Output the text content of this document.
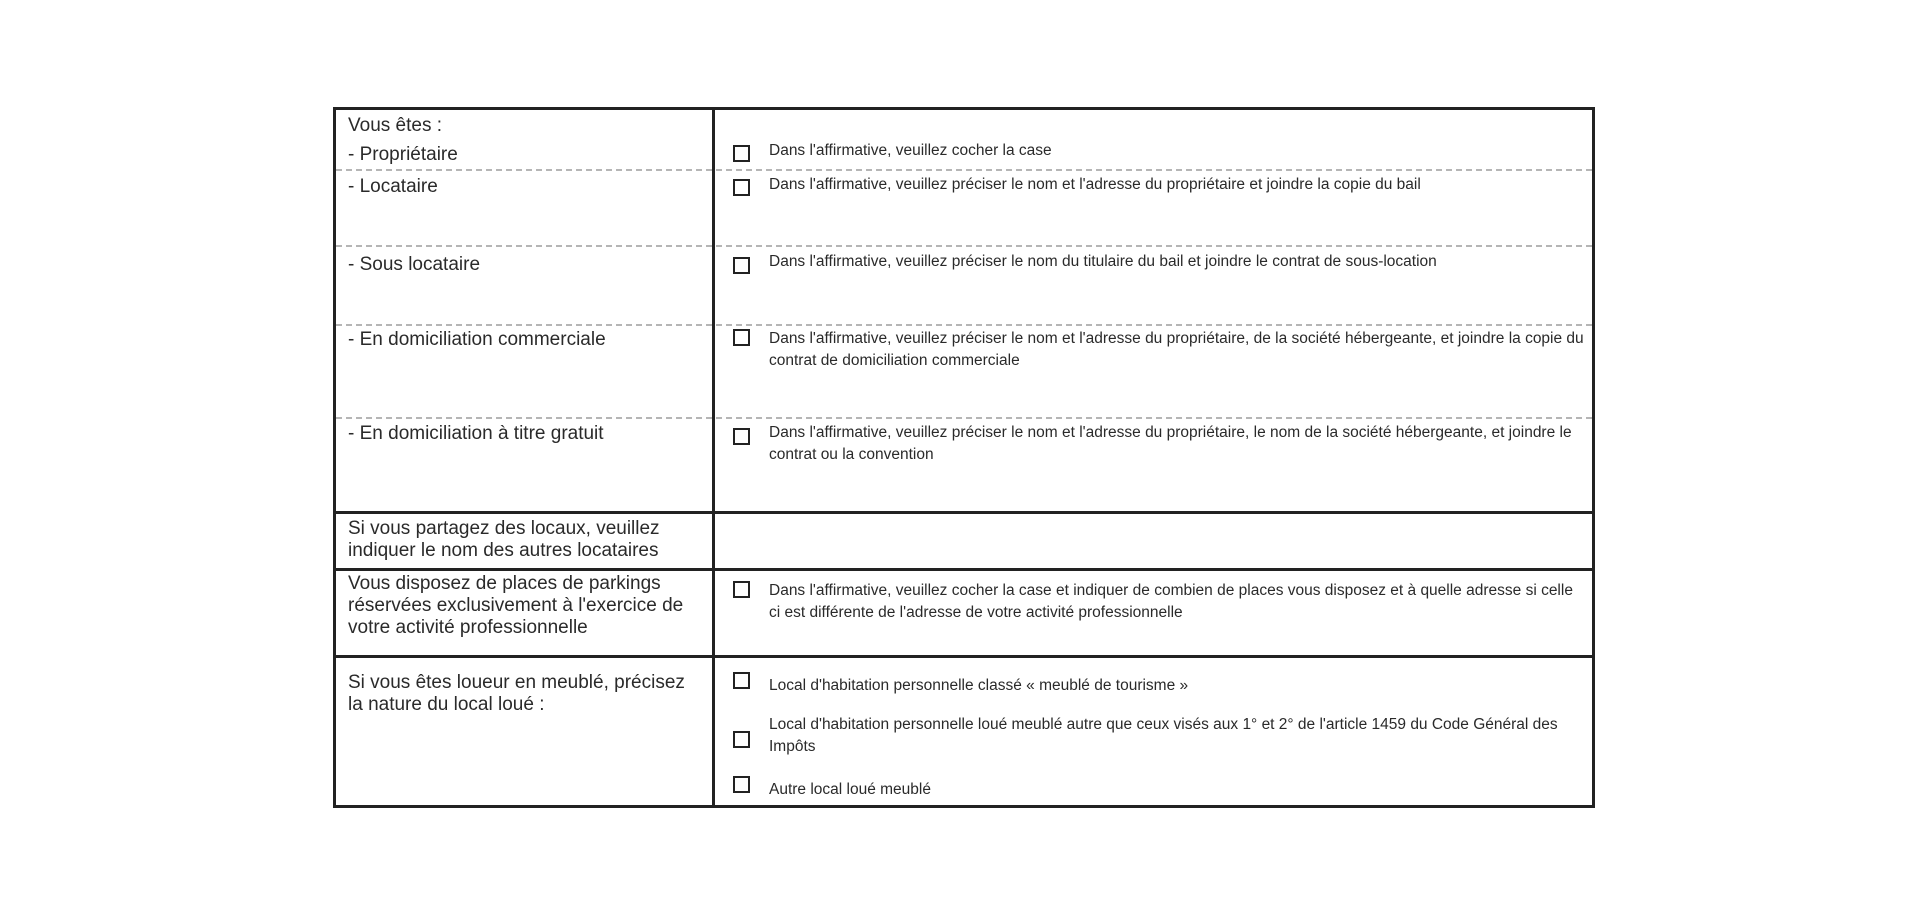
Vous êtes :
- Propriétaire
- Locataire
- Sous locataire
- En domiciliation commerciale
- En domiciliation à titre gratuit
Dans l'affirmative, veuillez cocher la case
Dans l'affirmative, veuillez préciser le nom et l'adresse du propriétaire et joindre la copie du bail
Dans l'affirmative, veuillez préciser le nom du titulaire du bail et joindre le contrat de sous-location
Dans l'affirmative, veuillez préciser le nom et l'adresse du propriétaire, de la société hébergeante, et joindre la copie du contrat de domiciliation commerciale
Dans l'affirmative, veuillez préciser le nom et l'adresse du propriétaire, le nom de la société hébergeante, et joindre le contrat ou la convention
Si vous partagez des locaux, veuillez indiquer le nom des autres locataires
Vous disposez de places de parkings réservées exclusivement à l'exercice de votre activité professionnelle
Dans l'affirmative, veuillez cocher la case et indiquer de combien de places vous disposez et à quelle adresse si celle ci est différente de l'adresse de votre activité professionnelle
Si vous êtes loueur en meublé, précisez la nature du local loué :
Local d'habitation personnelle classé « meublé de tourisme »
Local d'habitation personnelle loué meublé autre que ceux visés aux 1° et 2° de l'article 1459 du Code Général des Impôts
Autre local loué meublé
